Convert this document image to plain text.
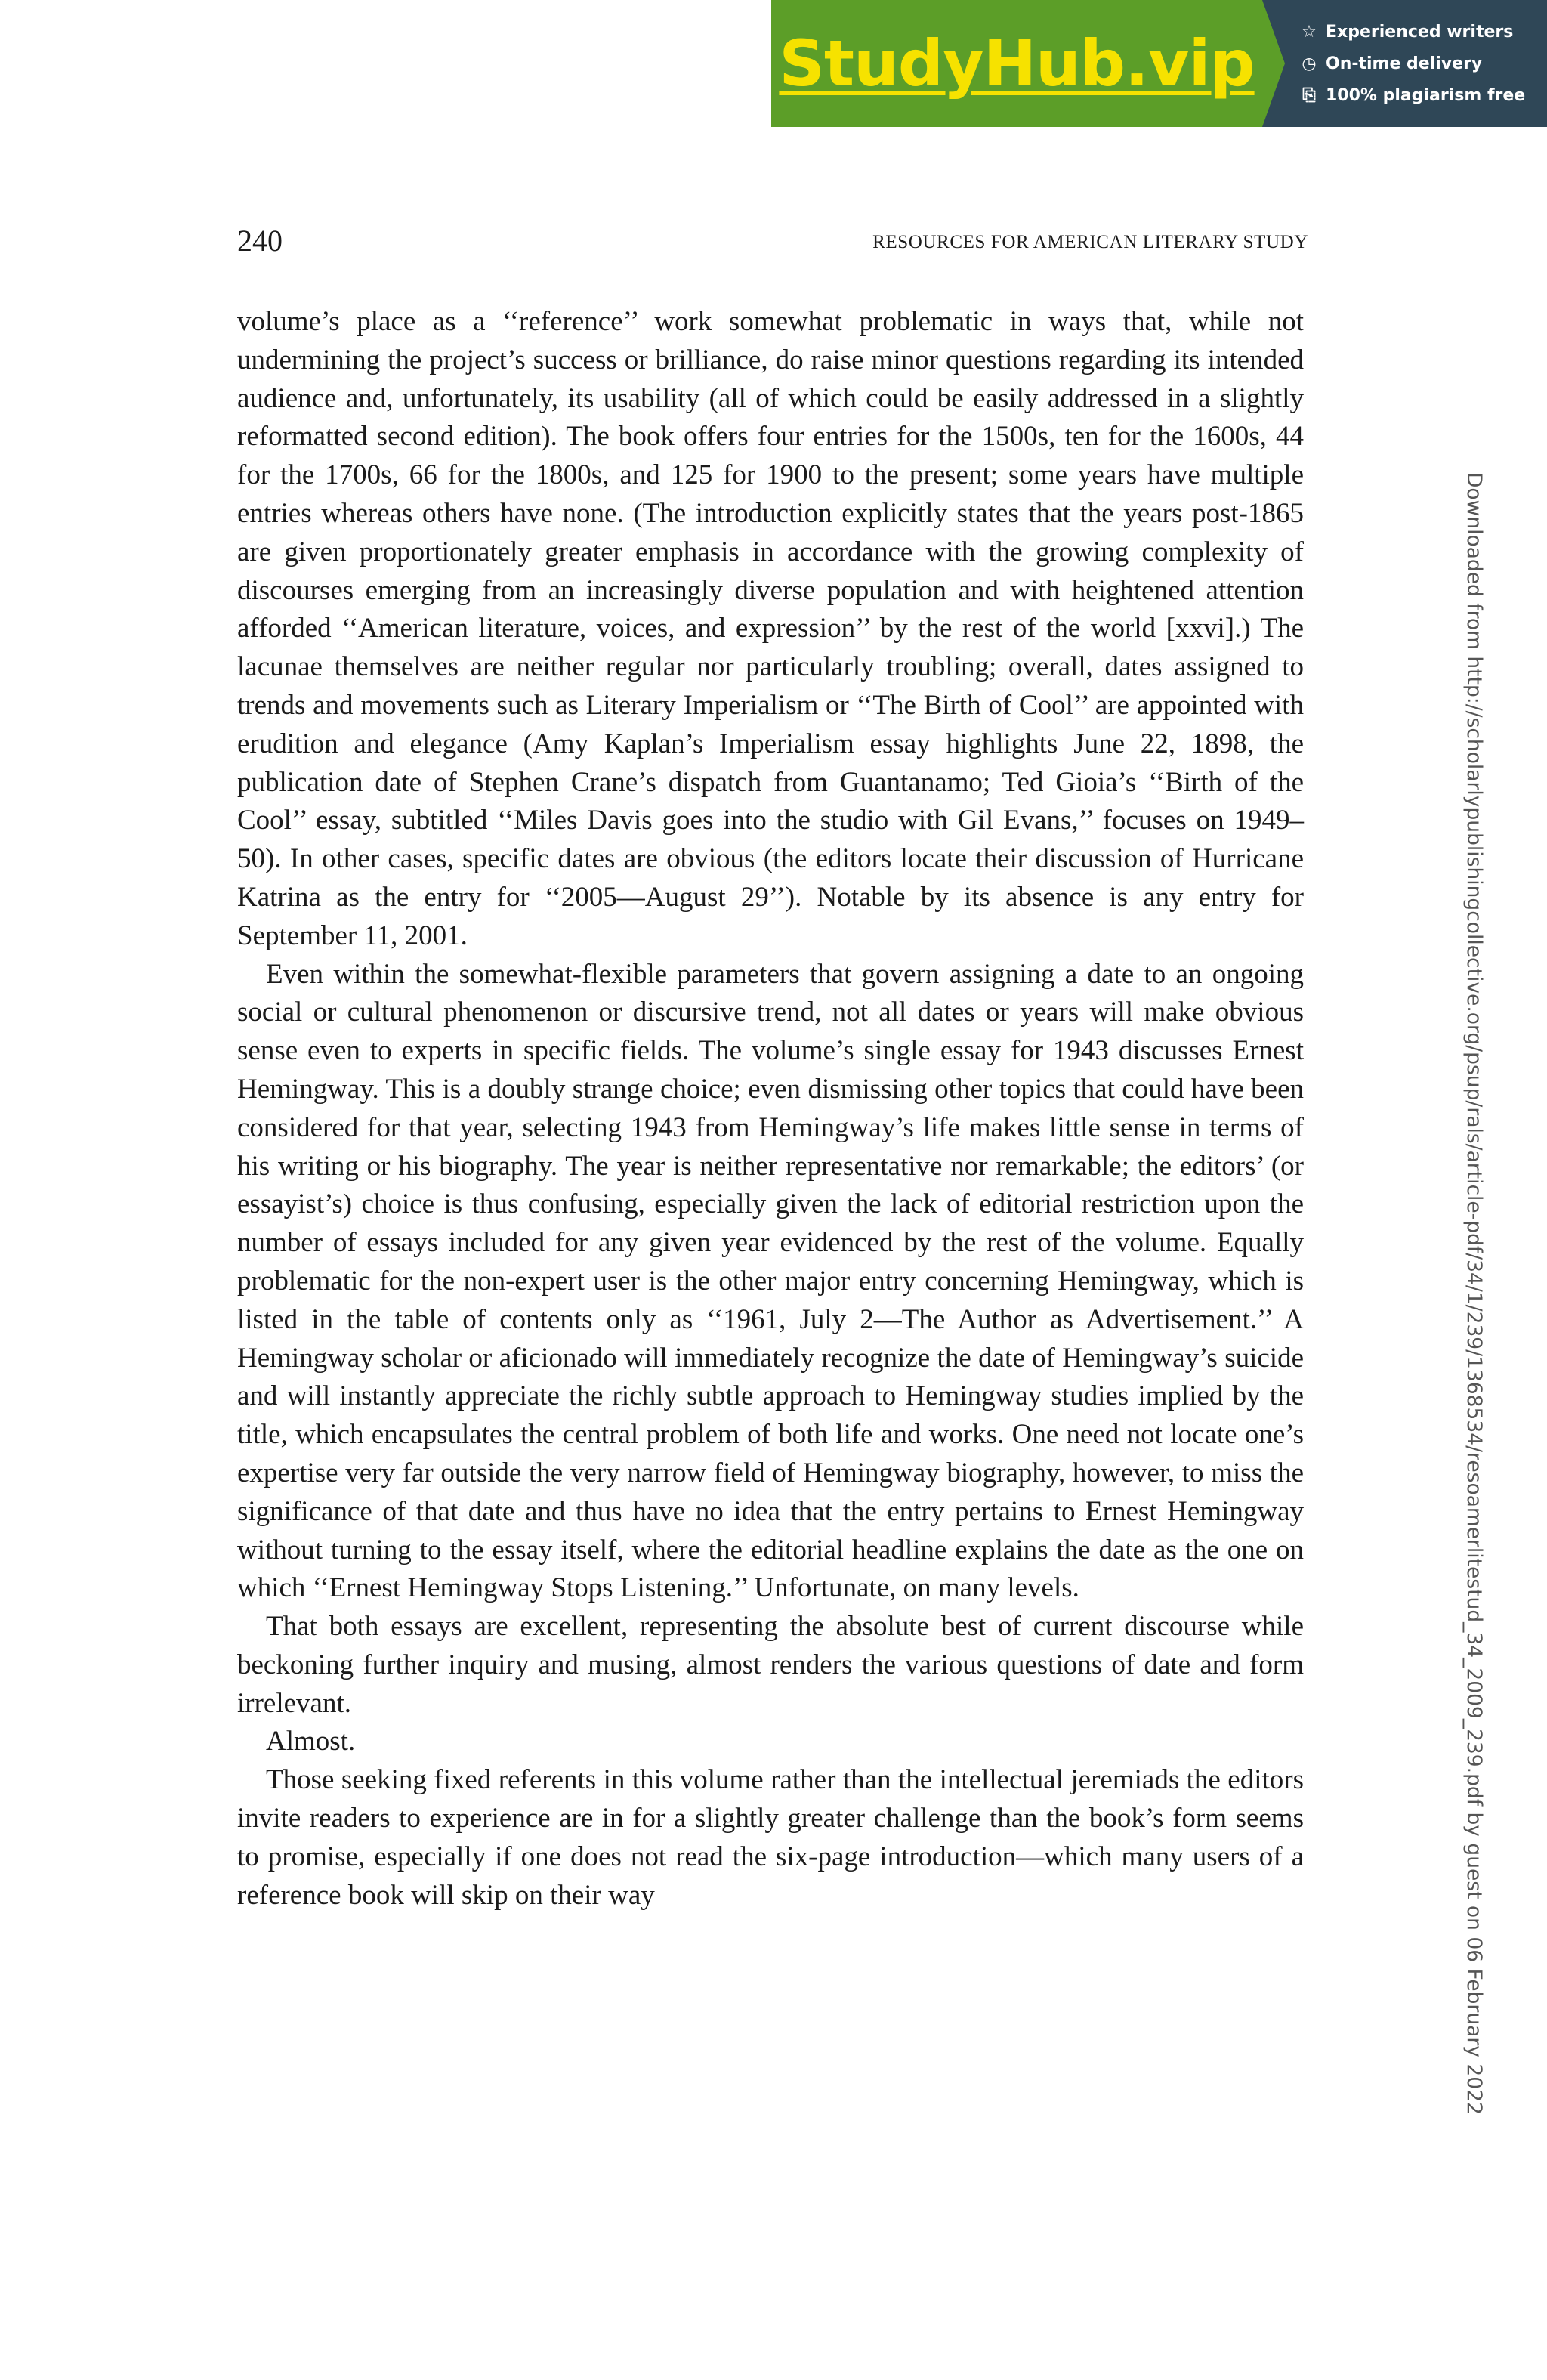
StudyHub.vip	☆ Experienced writers
◷ On-time delivery
⎘ 100% plagiarism free
240	RESOURCES FOR AMERICAN LITERARY STUDY

volume’s place as a ‘‘reference’’ work somewhat problematic in ways that, while not undermining the project’s success or brilliance, do raise minor questions regarding its intended audience and, unfortunately, its usability (all of which could be easily addressed in a slightly reformatted second edition). The book offers four entries for the 1500s, ten for the 1600s, 44 for the 1700s, 66 for the 1800s, and 125 for 1900 to the present; some years have multiple entries whereas others have none. (The introduction explicitly states that the years post-1865 are given proportionately greater emphasis in accordance with the growing complexity of discourses emerging from an increasingly diverse population and with heightened attention afforded ‘‘American literature, voices, and expression’’ by the rest of the world [xxvi].) The lacunae themselves are neither regular nor particularly troubling; overall, dates assigned to trends and movements such as Literary Imperialism or ‘‘The Birth of Cool’’ are appointed with erudition and elegance (Amy Kaplan’s Imperialism essay highlights June 22, 1898, the publication date of Stephen Crane’s dispatch from Guantanamo; Ted Gioia’s ‘‘Birth of the Cool’’ essay, subtitled ‘‘Miles Davis goes into the studio with Gil Evans,’’ focuses on 1949–50). In other cases, specific dates are obvious (the editors locate their discussion of Hurricane Katrina as the entry for ‘‘2005—August 29’’). Notable by its absence is any entry for September 11, 2001.

Even within the somewhat-flexible parameters that govern assigning a date to an ongoing social or cultural phenomenon or discursive trend, not all dates or years will make obvious sense even to experts in specific fields. The volume’s single essay for 1943 discusses Ernest Hemingway. This is a doubly strange choice; even dismissing other topics that could have been considered for that year, selecting 1943 from Hemingway’s life makes little sense in terms of his writing or his biography. The year is neither representative nor remarkable; the editors’ (or essayist’s) choice is thus confusing, especially given the lack of editorial restriction upon the number of essays included for any given year evidenced by the rest of the volume. Equally problematic for the non-expert user is the other major entry concerning Hemingway, which is listed in the table of contents only as ‘‘1961, July 2—The Author as Advertisement.’’ A Hemingway scholar or aficionado will immediately recognize the date of Hemingway’s suicide and will instantly appreciate the richly subtle approach to Hemingway studies implied by the title, which encapsulates the central problem of both life and works. One need not locate one’s expertise very far outside the very narrow field of Hemingway biography, however, to miss the significance of that date and thus have no idea that the entry pertains to Ernest Hemingway without turning to the essay itself, where the editorial headline explains the date as the one on which ‘‘Ernest Hemingway Stops Listening.’’ Unfortunate, on many levels.

That both essays are excellent, representing the absolute best of current discourse while beckoning further inquiry and musing, almost renders the various questions of date and form irrelevant.

Almost.

Those seeking fixed referents in this volume rather than the intellectual jeremiads the editors invite readers to experience are in for a slightly greater challenge than the book’s form seems to promise, especially if one does not read the six-page introduction—which many users of a reference book will skip on their way	Downloaded from http://scholarlypublishingcollective.org/psup/rals/article-pdf/34/1/239/1368534/resoamerlitestud_34_2009_239.pdf by guest on 06 February 2022
